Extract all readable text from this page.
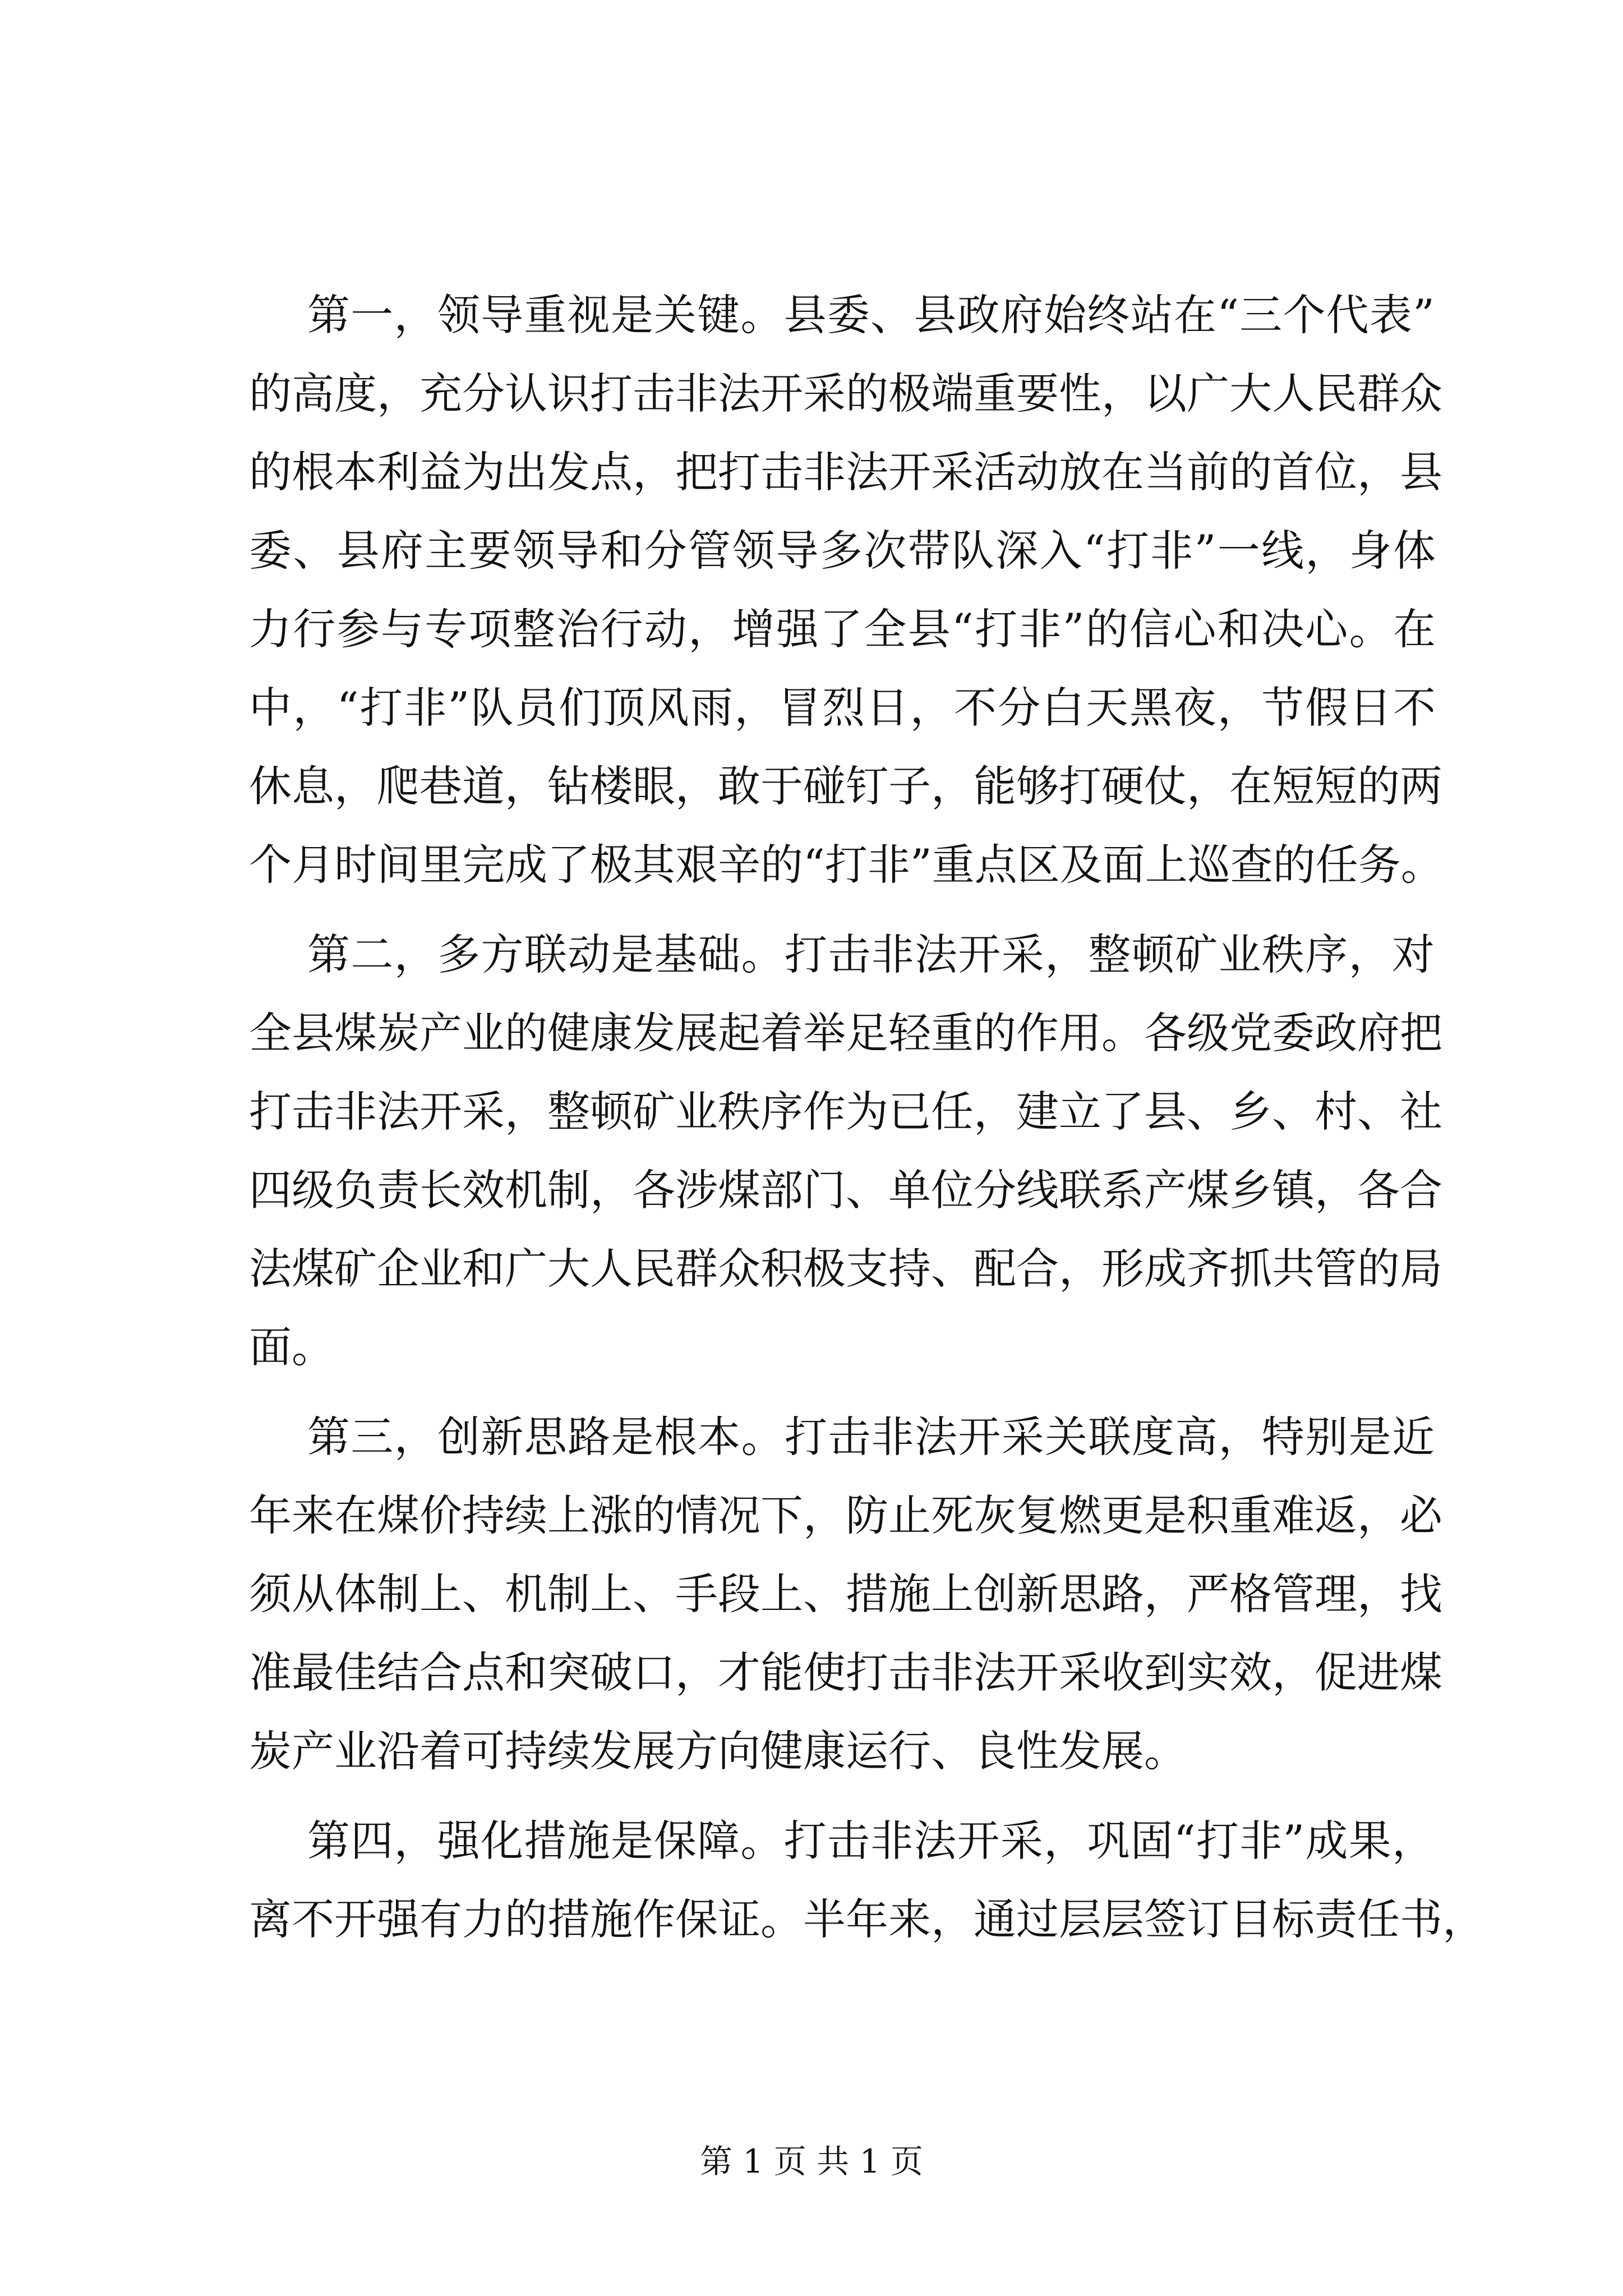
第一，领导重视是关键。县委、县政府始终站在“三个代表”

的高度，充分认识打击非法开采的极端重要性，以广大人民群众

的根本利益为出发点，把打击非法开采活动放在当前的首位，县

委、县府主要领导和分管领导多次带队深入“打非”一线，身体

力行参与专项整治行动，增强了全县“打非”的信心和决心。在

中，“打非”队员们顶风雨，冒烈日，不分白天黑夜，节假日不

休息，爬巷道，钻楼眼，敢于碰钉子，能够打硬仗，在短短的两

个月时间里完成了极其艰辛的“打非”重点区及面上巡查的任务。

第二，多方联动是基础。打击非法开采，整顿矿业秩序，对

全县煤炭产业的健康发展起着举足轻重的作用。各级党委政府把

打击非法开采，整顿矿业秩序作为已任，建立了县、乡、村、社

四级负责长效机制，各涉煤部门、单位分线联系产煤乡镇，各合

法煤矿企业和广大人民群众积极支持、配合，形成齐抓共管的局

面。

第三，创新思路是根本。打击非法开采关联度高，特别是近

年来在煤价持续上涨的情况下，防止死灰复燃更是积重难返，必

须从体制上、机制上、手段上、措施上创新思路，严格管理，找

准最佳结合点和突破口，才能使打击非法开采收到实效，促进煤

炭产业沿着可持续发展方向健康运行、良性发展。

第四，强化措施是保障。打击非法开采，巩固“打非”成果，

离不开强有力的措施作保证。半年来，通过层层签订目标责任书，

第 1 页 共 1 页
